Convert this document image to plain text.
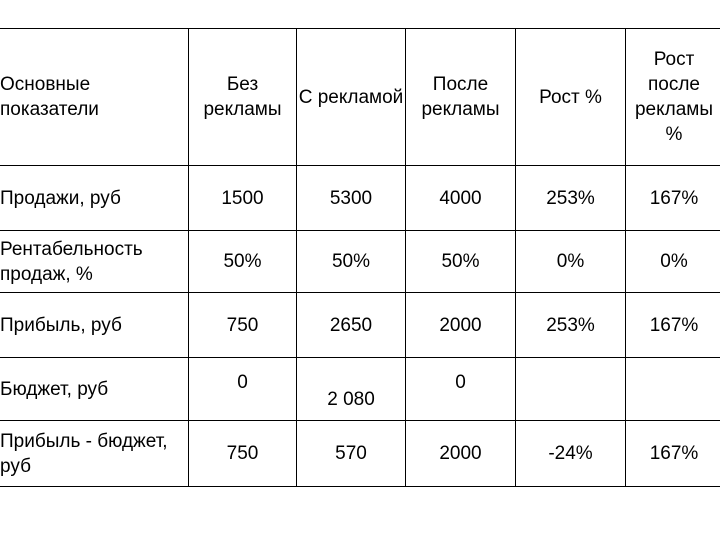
Основные показатели	Без рекламы	С рекламой	После рекламы	Рост %	Рост после рекламы %
Продажи, руб	1500	5300	4000	253%	167%
Рентабельность продаж, %	50%	50%	50%	0%	0%
Прибыль, руб	750	2650	2000	253%	167%
Бюджет, руб	0	2 080	0		
Прибыль - бюджет, руб	750	570	2000	-24%	167%
